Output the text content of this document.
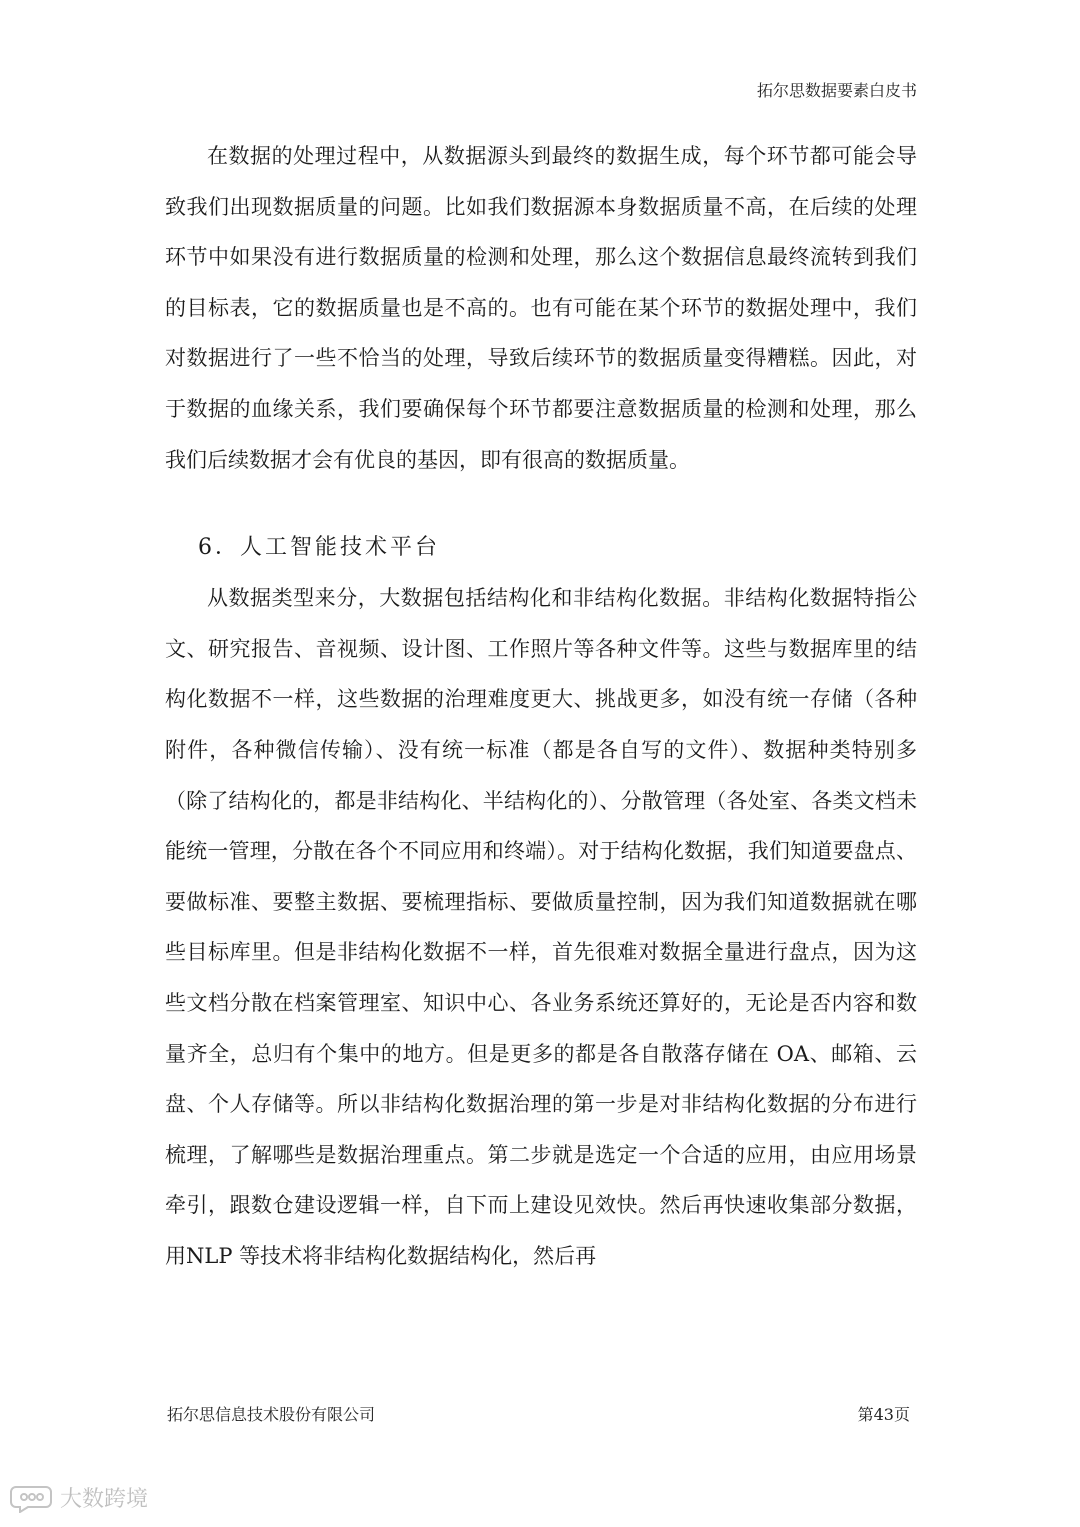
拓尔思数据要素白皮书

在数据的处理过程中，从数据源头到最终的数据生成，每个环节都可能会导致我们出现数据质量的问题。比如我们数据源本身数据质量不高，在后续的处理环节中如果没有进行数据质量的检测和处理，那么这个数据信息最终流转到我们的目标表，它的数据质量也是不高的。也有可能在某个环节的数据处理中，我们对数据进行了一些不恰当的处理，导致后续环节的数据质量变得糟糕。因此，对于数据的血缘关系，我们要确保每个环节都要注意数据质量的检测和处理，那么我们后续数据才会有优良的基因，即有很高的数据质量。

6．人工智能技术平台

从数据类型来分，大数据包括结构化和非结构化数据。非结构化数据特指公文、研究报告、音视频、设计图、工作照片等各种文件等。这些与数据库里的结构化数据不一样，这些数据的治理难度更大、挑战更多，如没有统一存储（各种附件，各种微信传输）、没有统一标准（都是各自写的文件）、数据种类特别多（除了结构化的，都是非结构化、半结构化的）、分散管理（各处室、各类文档未能统一管理，分散在各个不同应用和终端）。对于结构化数据，我们知道要盘点、要做标准、要整主数据、要梳理指标、要做质量控制，因为我们知道数据就在哪些目标库里。但是非结构化数据不一样，首先很难对数据全量进行盘点，因为这些文档分散在档案管理室、知识中心、各业务系统还算好的，无论是否内容和数量齐全，总归有个集中的地方。但是更多的都是各自散落存储在 OA、邮箱、云盘、个人存储等。所以非结构化数据治理的第一步是对非结构化数据的分布进行梳理，了解哪些是数据治理重点。第二步就是选定一个合适的应用，由应用场景牵引，跟数仓建设逻辑一样，自下而上建设见效快。然后再快速收集部分数据，用NLP 等技术将非结构化数据结构化，然后再

拓尔思信息技术股份有限公司	第43页
大数跨境
